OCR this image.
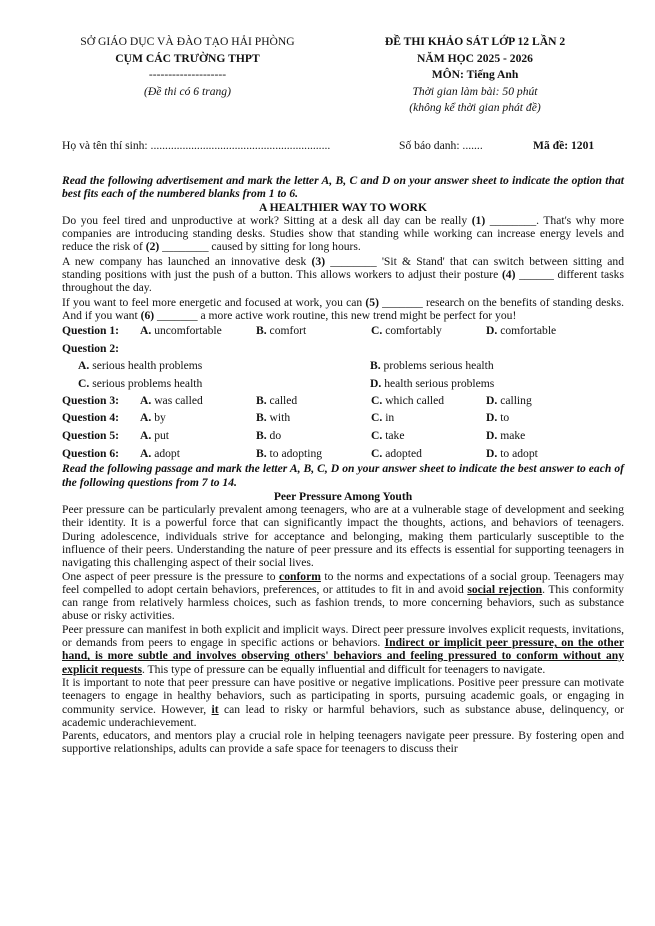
SỞ GIÁO DỤC VÀ ĐÀO TẠO HẢI PHÒNG
CỤM CÁC TRƯỜNG THPT
--------------------
(Đề thi có 6 trang)
ĐỀ THI KHẢO SÁT LỚP 12 LẦN 2
NĂM HỌC 2025 - 2026
MÔN: Tiếng Anh
Thời gian làm bài: 50 phút
(không kể thời gian phát đề)
Họ và tên thí sinh: ..............................................................	Số báo danh: .......	Mã đề: 1201

Read the following advertisement and mark the letter A, B, C and D on your answer sheet to indicate the option that best fits each of the numbered blanks from 1 to 6.

A HEALTHIER WAY TO WORK

Do you feel tired and unproductive at work? Sitting at a desk all day can be really (1) ________. That's why more companies are introducing standing desks. Studies show that standing while working can increase energy levels and reduce the risk of (2) ________ caused by sitting for long hours.

A new company has launched an innovative desk (3) ________ 'Sit & Stand' that can switch between sitting and standing positions with just the push of a button. This allows workers to adjust their posture (4) ______ different tasks throughout the day.

If you want to feel more energetic and focused at work, you can (5) _______ research on the benefits of standing desks. And if you want (6) _______ a more active work routine, this new trend might be perfect for you!

Question 1: A. uncomfortable	B. comfort	C. comfortably	D. comfortable
Question 2:
A. serious health problems	B. problems serious health
C. serious problems health	D. health serious problems
Question 3: A. was called	B. called	C. which called	D. calling
Question 4: A. by	B. with	C. in	D. to
Question 5: A. put	B. do	C. take	D. make
Question 6: A. adopt	B. to adopting	C. adopted	D. to adopt

Read the following passage and mark the letter A, B, C, D on your answer sheet to indicate the best answer to each of the following questions from 7 to 14.

Peer Pressure Among Youth

Peer pressure can be particularly prevalent among teenagers, who are at a vulnerable stage of development and seeking their identity. It is a powerful force that can significantly impact the thoughts, actions, and behaviors of teenagers. During adolescence, individuals strive for acceptance and belonging, making them particularly susceptible to the influence of their peers. Understanding the nature of peer pressure and its effects is essential for supporting teenagers in navigating this challenging aspect of their social lives.

One aspect of peer pressure is the pressure to conform to the norms and expectations of a social group. Teenagers may feel compelled to adopt certain behaviors, preferences, or attitudes to fit in and avoid social rejection. This conformity can range from relatively harmless choices, such as fashion trends, to more concerning behaviors, such as substance abuse or risky activities.

Peer pressure can manifest in both explicit and implicit ways. Direct peer pressure involves explicit requests, invitations, or demands from peers to engage in specific actions or behaviors. Indirect or implicit peer pressure, on the other hand, is more subtle and involves observing others' behaviors and feeling pressured to conform without any explicit requests. This type of pressure can be equally influential and difficult for teenagers to navigate.

It is important to note that peer pressure can have positive or negative implications. Positive peer pressure can motivate teenagers to engage in healthy behaviors, such as participating in sports, pursuing academic goals, or engaging in community service. However, it can lead to risky or harmful behaviors, such as substance abuse, delinquency, or academic underachievement.

Parents, educators, and mentors play a crucial role in helping teenagers navigate peer pressure. By fostering open and supportive relationships, adults can provide a safe space for teenagers to discuss their
